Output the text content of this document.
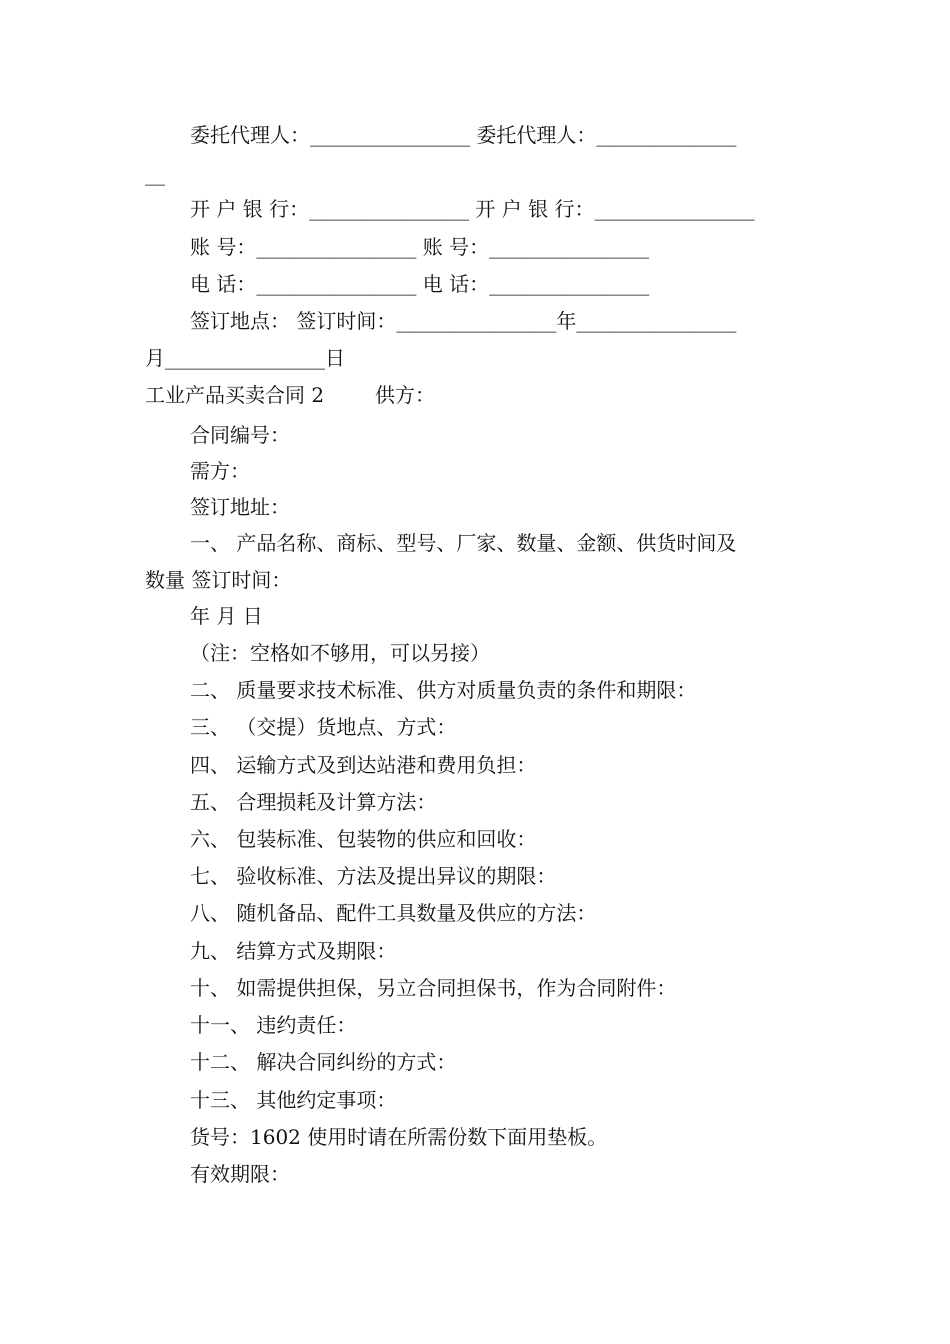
委托代理人：________________ 委托代理人：______________
__
开 户 银 行：________________ 开 户 银 行：________________
账 号：________________ 账 号：________________
电 话：________________ 电 话：________________
签订地点： 签订时间：________________年________________
月________________日
工业产品买卖合同 2        供方：
合同编号：
需方：
签订地址：
一、 产品名称、商标、型号、厂家、数量、金额、供货时间及
数量 签订时间：
年 月 日
（注：空格如不够用，可以另接）
二、 质量要求技术标准、供方对质量负责的条件和期限：
三、 （交提）货地点、方式：
四、 运输方式及到达站港和费用负担：
五、 合理损耗及计算方法：
六、 包装标准、包装物的供应和回收：
七、 验收标准、方法及提出异议的期限：
八、 随机备品、配件工具数量及供应的方法：
九、 结算方式及期限：
十、 如需提供担保，另立合同担保书，作为合同附件：
十一、 违约责任：
十二、 解决合同纠纷的方式：
十三、 其他约定事项：
货号：1602 使用时请在所需份数下面用垫板。
有效期限：
